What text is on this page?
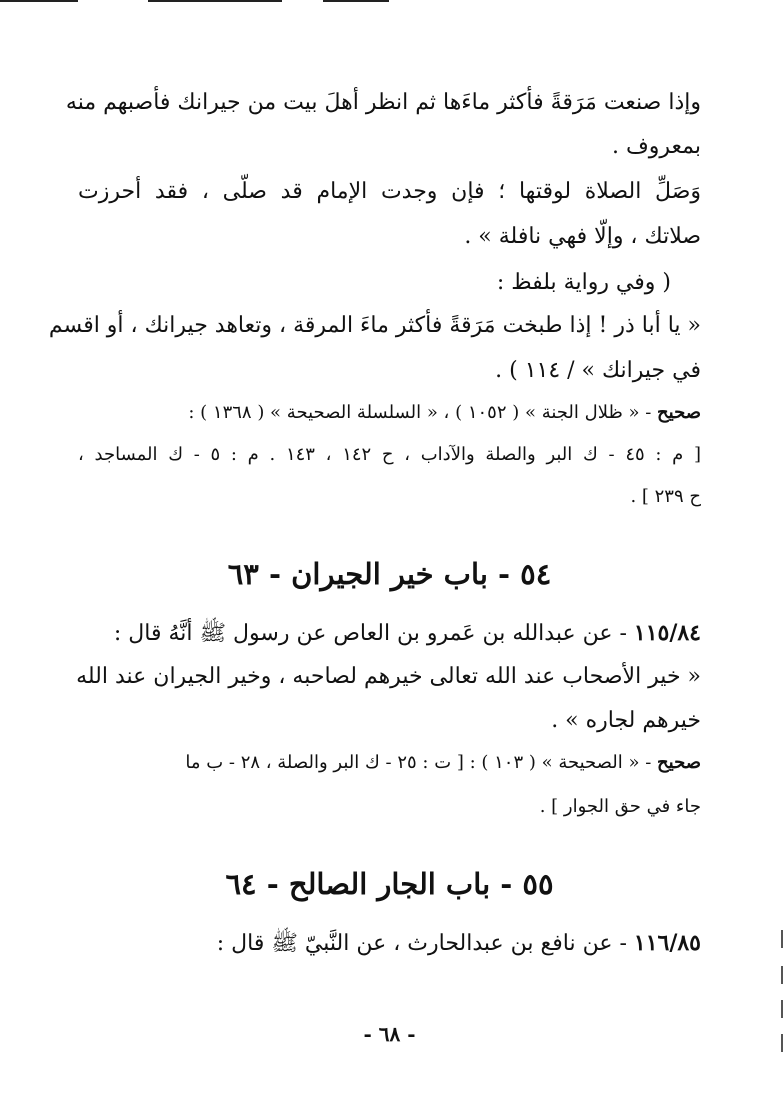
وإذا صنعت مَرَقةً فأكثر ماءَها ثم انظر أهلَ بيت من جيرانك فأصبهم منه
بمعروف .
وَصَلِّ الصلاة لوقتها ؛ فإن وجدت الإمام قد صلّى ، فقد أحرزت
صلاتك ، وإلّا فهي نافلة » .
( وفي رواية بلفظ :
« يا أبا ذر ! إذا طبخت مَرَقةً فأكثر ماءَ المرقة ، وتعاهد جيرانك ، أو اقسم
في جيرانك » / ١١٤ ) .
صحيح - « ظلال الجنة » ( ١٠٥٢ ) ، « السلسلة الصحيحة » ( ١٣٦٨ ) :
[ م : ٤٥ - ك البر والصلة والآداب ، ح ١٤٢ ، ١٤٣ . م : ٥ - ك المساجد ،
ح ٢٣٩ ] .
٥٤ - باب خير الجيران - ٦٣
١١٥/٨٤ - عن عبدالله بن عَمرو بن العاص عن رسول ﷺ أنَّهُ قال :
« خير الأصحاب عند الله تعالى خيرهم لصاحبه ، وخير الجيران عند الله
خيرهم لجاره » .
صحيح - « الصحيحة » ( ١٠٣ ) : [ ت : ٢٥ - ك البر والصلة ، ٢٨ - ب ما
جاء في حق الجوار ] .
٥٥ - باب الجار الصالح - ٦٤
١١٦/٨٥ - عن نافع بن عبدالحارث ، عن النَّبيّ ﷺ قال :
- ٦٨ -
